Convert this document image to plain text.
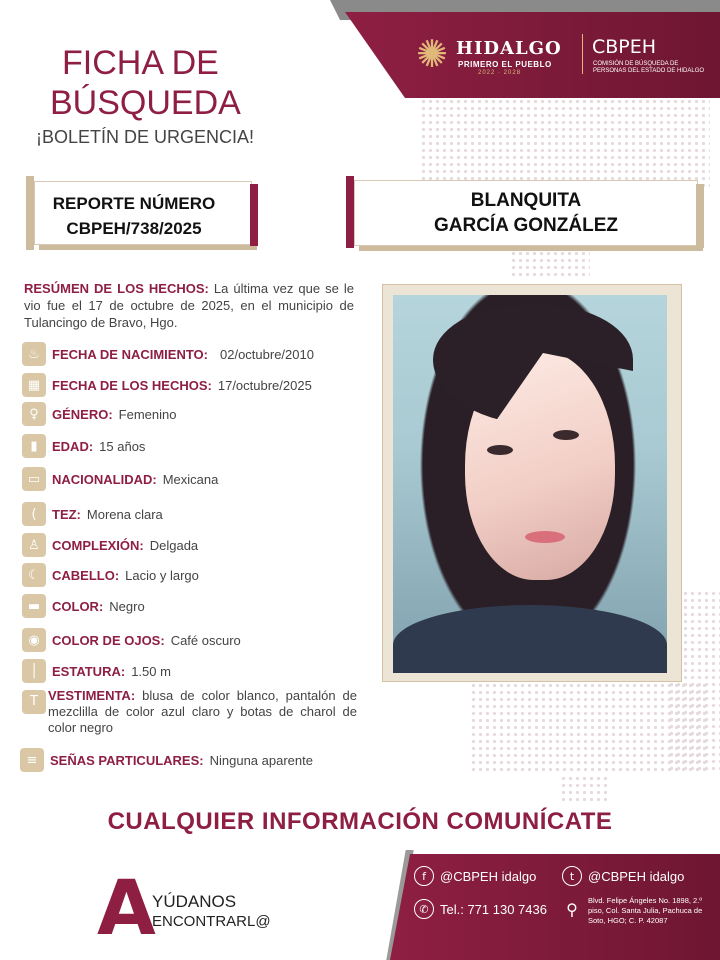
✺ HIDALGO
PRIMERO EL PUEBLO
2022 · 2028
CBPEH
COMISIÓN DE BÚSQUEDA DE PERSONAS DEL ESTADO DE HIDALGO
FICHA DE
BÚSQUEDA
¡BOLETÍN DE URGENCIA!
REPORTE NÚMERO
CBPEH/738/2025
BLANQUITA
GARCÍA GONZÁLEZ
RESÚMEN DE LOS HECHOS: La última vez que se le vio fue el 17 de octubre de 2025, en el municipio de Tulancingo de Bravo, Hgo.
♨ FECHA DE NACIMIENTO: 02/octubre/2010
▦ FECHA DE LOS HECHOS: 17/octubre/2025
♀	GÉNERO: Femenino
▮	EDAD: 15 años
▭ NACIONALIDAD: Mexicana
(	TEZ: Morena clara
♙ COMPLEXIÓN: Delgada
☾ CABELLO: Lacio y largo
▬ COLOR: Negro
◉ COLOR DE OJOS: Café oscuro
│	ESTATURA: 1.50 m
T VESTIMENTA: blusa de color blanco, pantalón de mezclilla de color azul claro y botas de charol de color negro
≡ SEÑAS PARTICULARES: Ninguna aparente
CUALQUIER INFORMACIÓN COMUNÍCATE
A
YÚDANOS
ENCONTRARL@
f	@CBPEH idalgo	t	@CBPEH idalgo
✆ Tel.: 771 130 7436 ⚲	Blvd. Felipe Ángeles No. 1898, 2.º piso, Col. Santa Julia, Pachuca de Soto, HGO; C. P. 42087
